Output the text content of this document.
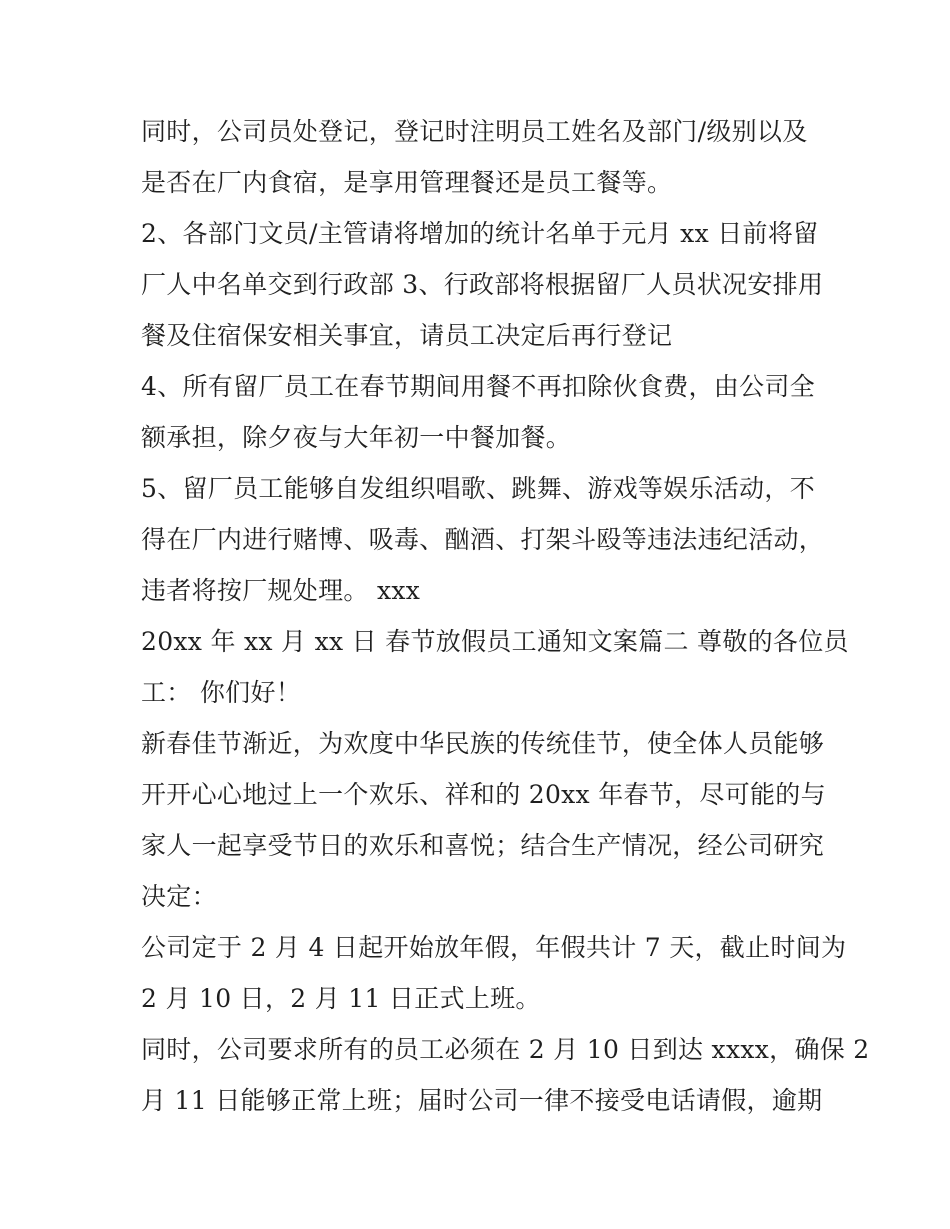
同时，公司员处登记，登记时注明员工姓名及部门/级别以及
是否在厂内食宿，是享用管理餐还是员工餐等。
2、各部门文员/主管请将增加的统计名单于元月 xx 日前将留
厂人中名单交到行政部 3、行政部将根据留厂人员状况安排用
餐及住宿保安相关事宜，请员工决定后再行登记
4、所有留厂员工在春节期间用餐不再扣除伙食费，由公司全
额承担，除夕夜与大年初一中餐加餐。
5、留厂员工能够自发组织唱歌、跳舞、游戏等娱乐活动，不
得在厂内进行赌博、吸毒、酗酒、打架斗殴等违法违纪活动，
违者将按厂规处理。 xxx
20xx 年 xx 月 xx 日 春节放假员工通知文案篇二 尊敬的各位员
工： 你们好！
新春佳节渐近，为欢度中华民族的传统佳节，使全体人员能够
开开心心地过上一个欢乐、祥和的 20xx 年春节，尽可能的与
家人一起享受节日的欢乐和喜悦；结合生产情况，经公司研究
决定：
公司定于 2 月 4 日起开始放年假，年假共计 7 天，截止时间为
2 月 10 日，2 月 11 日正式上班。
同时，公司要求所有的员工必须在 2 月 10 日到达 xxxx，确保 2
月 11 日能够正常上班；届时公司一律不接受电话请假，逾期
